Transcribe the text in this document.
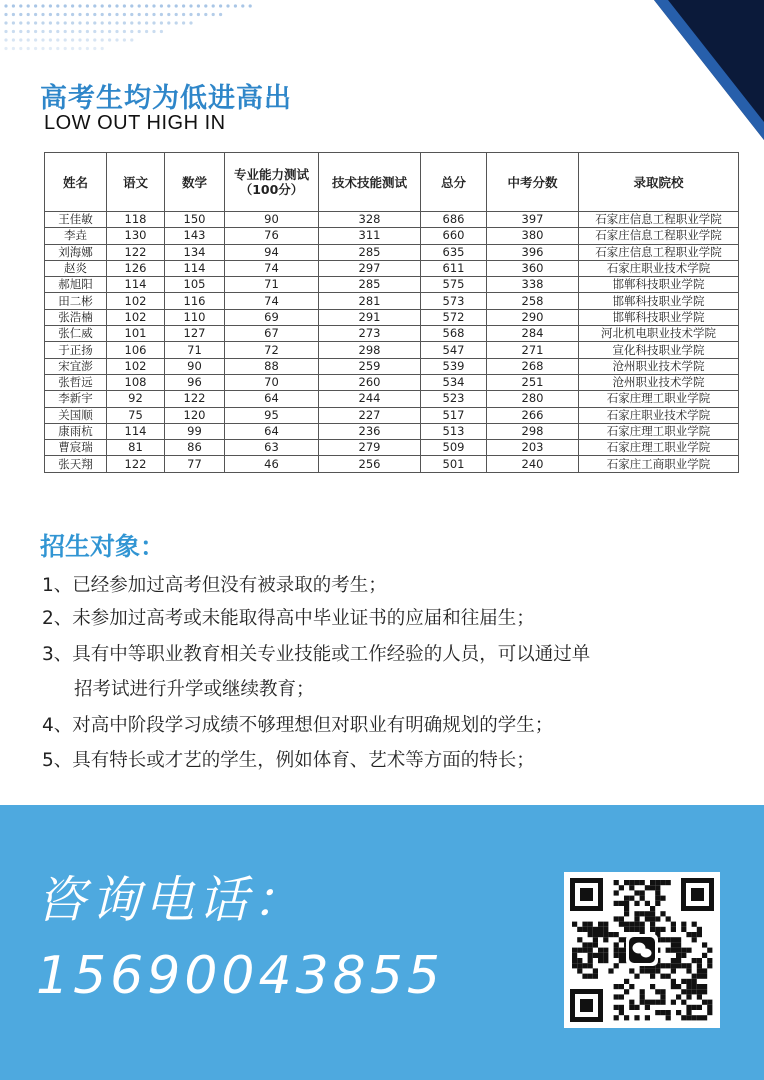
高考生均为低进高出
LOW OUT HIGH IN
姓名	语文	数学	专业能力测试（100分）	技术技能测试	总分	中考分数	录取院校
王佳敏	118	150	90	328	686	397	石家庄信息工程职业学院
李垚	130	143	76	311	660	380	石家庄信息工程职业学院
刘海娜	122	134	94	285	635	396	石家庄信息工程职业学院
赵炎	126	114	74	297	611	360	石家庄职业技术学院
郝旭阳	114	105	71	285	575	338	邯郸科技职业学院
田二彬	102	116	74	281	573	258	邯郸科技职业学院
张浩楠	102	110	69	291	572	290	邯郸科技职业学院
张仁威	101	127	67	273	568	284	河北机电职业技术学院
于正扬	106	71	72	298	547	271	宣化科技职业学院
宋宜澎	102	90	88	259	539	268	沧州职业技术学院
张哲远	108	96	70	260	534	251	沧州职业技术学院
李新宇	92	122	64	244	523	280	石家庄理工职业学院
关国顺	75	120	95	227	517	266	石家庄职业技术学院
康雨杭	114	99	64	236	513	298	石家庄理工职业学院
曹宸瑞	81	86	63	279	509	203	石家庄理工职业学院
张天翔	122	77	46	256	501	240	石家庄工商职业学院
招生对象：
1、已经参加过高考但没有被录取的考生；
2、未参加过高考或未能取得高中毕业证书的应届和往届生；
3、具有中等职业教育相关专业技能或工作经验的人员，可以通过单
招考试进行升学或继续教育；
4、对高中阶段学习成绩不够理想但对职业有明确规划的学生；
5、具有特长或才艺的学生，例如体育、艺术等方面的特长；
咨询电话：
15690043855
